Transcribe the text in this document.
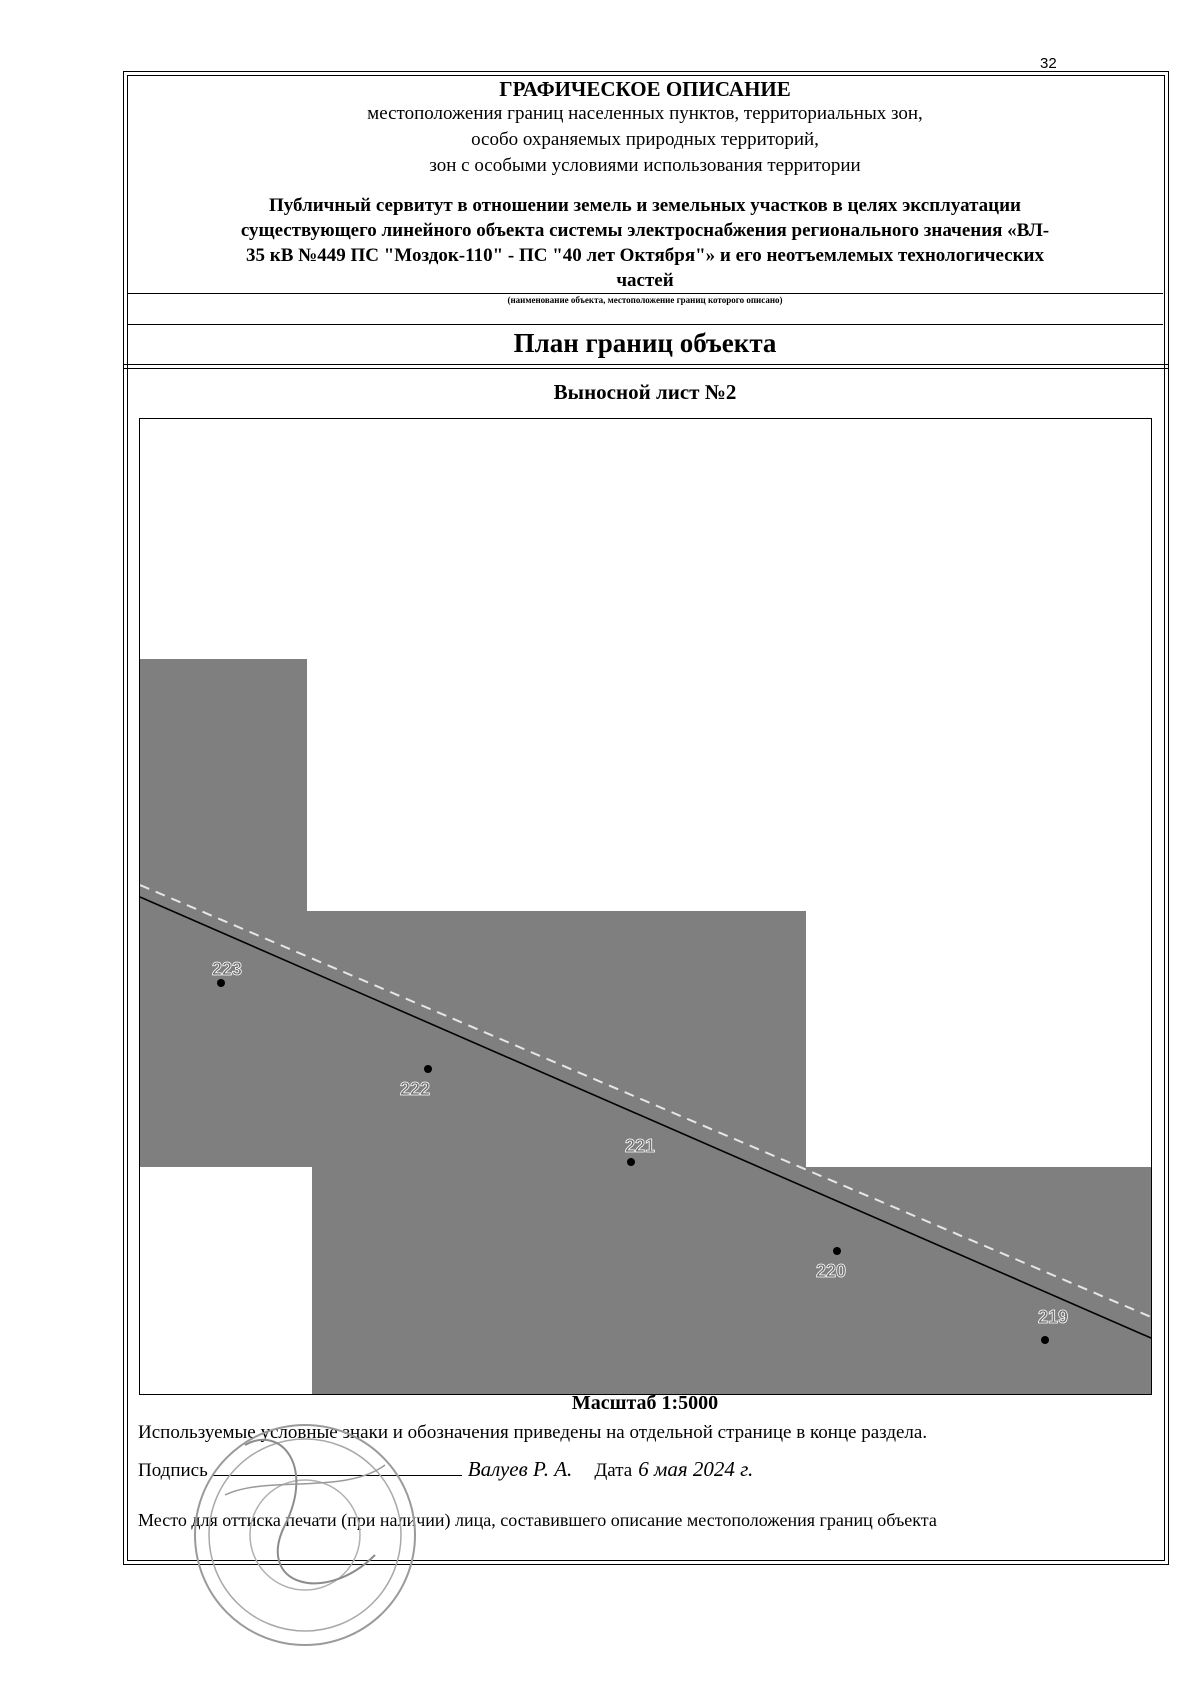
32
ГРАФИЧЕСКОЕ ОПИСАНИЕ
местоположения границ населенных пунктов, территориальных зон,
особо охраняемых природных территорий,
зон с особыми условиями использования территории
Публичный сервитут в отношении земель и земельных участков в целях эксплуатации
существующего линейного объекта системы электроснабжения регионального значения «ВЛ-
35 кВ №449 ПС "Моздок-110" - ПС "40 лет Октября"» и его неотъемлемых технологических
частей
(наименование объекта, местоположение границ которого описано)
План границ объекта
Выносной лист №2
223
222
221
220
219
Масштаб 1:5000
Используемые условные знаки и обозначения приведены на отдельной странице в конце раздела.
Подпись	Валуев Р. А. Дата 6 мая 2024 г.
Место для оттиска печати (при наличии) лица, составившего описание местоположения границ объекта
